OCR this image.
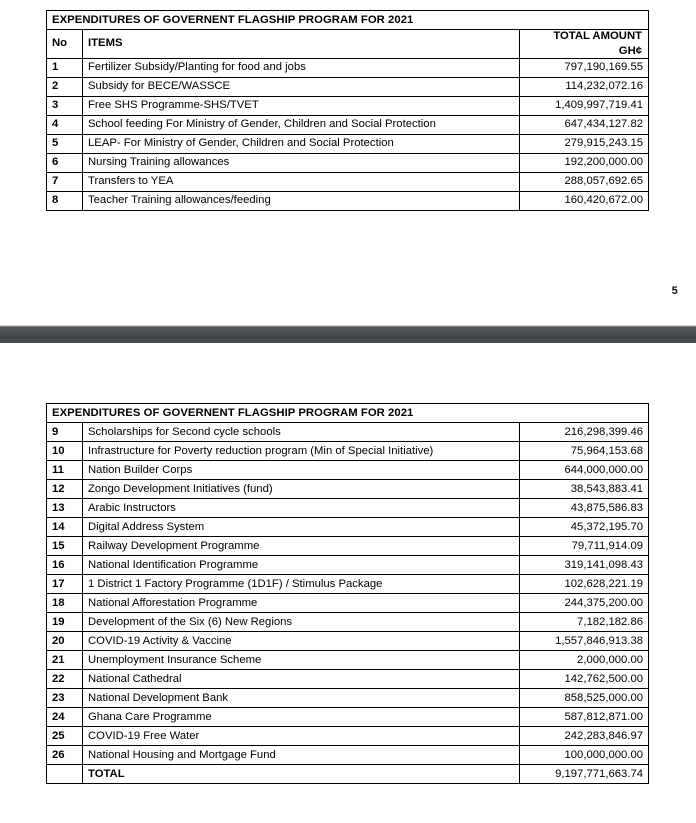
EXPENDITURES OF GOVERNENT FLAGSHIP PROGRAM FOR 2021		
No	ITEMS	TOTAL AMOUNT
GH¢

1	Fertilizer Subsidy/Planting for food and jobs	797,190,169.55
2	Subsidy for BECE/WASSCE	114,232,072.16
3	Free SHS Programme-SHS/TVET	1,409,997,719.41
4	School feeding For Ministry of Gender, Children and Social Protection	647,434,127.82
5	LEAP- For Ministry of Gender, Children and Social Protection	279,915,243.15
6	Nursing Training allowances	192,200,000.00
7	Transfers to YEA	288,057,692.65
8	Teacher Training allowances/feeding	160,420,672.00
5
EXPENDITURES OF GOVERNENT FLAGSHIP PROGRAM FOR 2021		
9	Scholarships for Second cycle schools	216,298,399.46
10	Infrastructure for Poverty reduction program (Min of Special Initiative)	75,964,153.68
11	Nation Builder Corps	644,000,000.00
12	Zongo Development Initiatives (fund)	38,543,883.41
13	Arabic Instructors	43,875,586.83
14	Digital Address System	45,372,195.70
15	Railway Development Programme	79,711,914.09
16	National Identification Programme	319,141,098.43
17	1 District 1 Factory Programme (1D1F) / Stimulus Package	102,628,221.19
18	National Afforestation Programme	244,375,200.00
19	Development of the Six (6) New Regions	7,182,182.86
20	COVID-19 Activity & Vaccine	1,557,846,913.38
21	Unemployment Insurance Scheme	2,000,000.00
22	National Cathedral	142,762,500.00
23	National Development Bank	858,525,000.00
24	Ghana Care Programme	587,812,871.00
25	COVID-19 Free Water	242,283,846.97
26	National Housing and Mortgage Fund	100,000,000.00
	TOTAL	9,197,771,663.74
